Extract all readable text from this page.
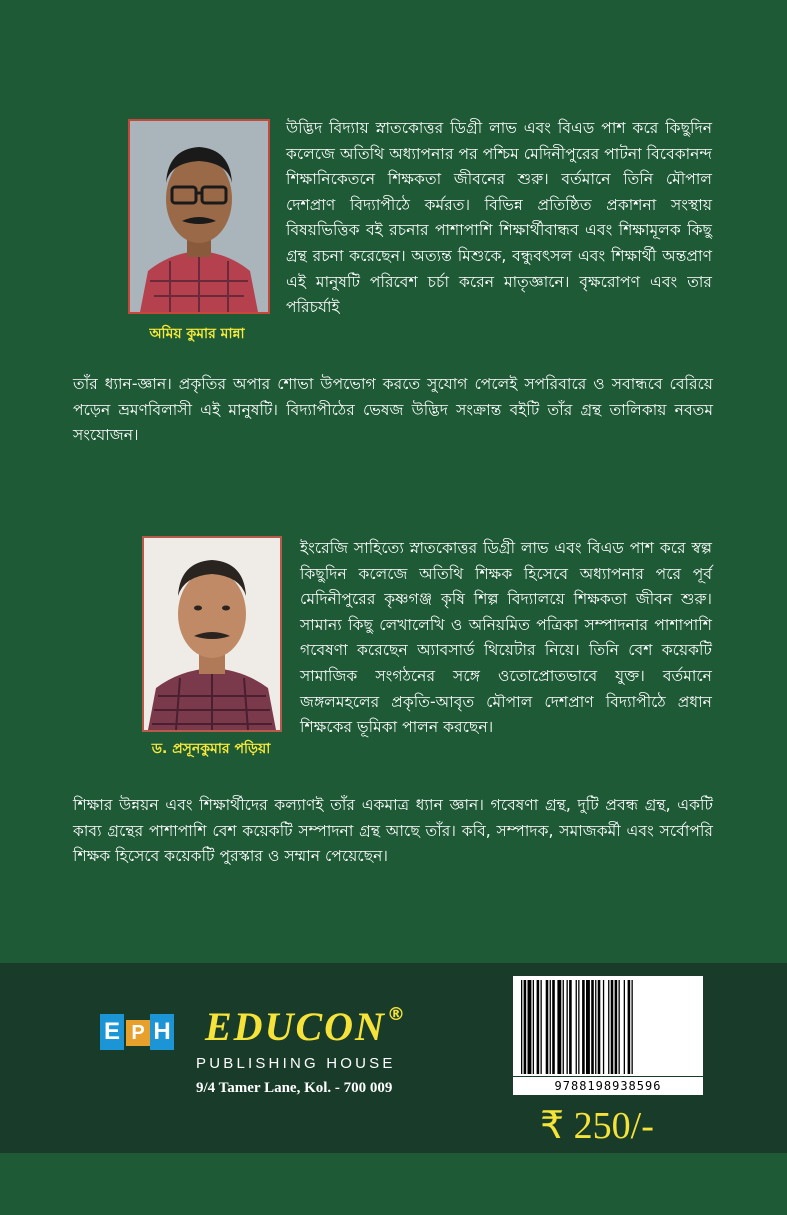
অমিয় কুমার মান্না

উদ্ভিদ বিদ্যায় স্নাতকোত্তর ডিগ্রী লাভ এবং বিএড পাশ করে কিছুদিন কলেজে অতিথি অধ্যাপনার পর পশ্চিম মেদিনীপুরের পাটনা বিবেকানন্দ শিক্ষানিকেতনে শিক্ষকতা জীবনের শুরু। বর্তমানে তিনি মৌপাল দেশপ্রাণ বিদ্যাপীঠে কর্মরত। বিভিন্ন প্রতিষ্ঠিত প্রকাশনা সংস্থায় বিষয়ভিত্তিক বই রচনার পাশাপাশি শিক্ষার্থীবান্ধব এবং শিক্ষামূলক কিছু গ্রন্থ রচনা করেছেন। অত্যন্ত মিশুকে, বন্ধুবৎসল এবং শিক্ষার্থী অন্তপ্রাণ এই মানুষটি পরিবেশ চর্চা করেন মাতৃজ্ঞানে। বৃক্ষরোপণ এবং তার পরিচর্যাই

তাঁর ধ্যান-জ্ঞান। প্রকৃতির অপার শোভা উপভোগ করতে সুযোগ পেলেই সপরিবারে ও সবান্ধবে বেরিয়ে পড়েন ভ্রমণবিলাসী এই মানুষটি। বিদ্যাপীঠের ভেষজ উদ্ভিদ সংক্রান্ত বইটি তাঁর গ্রন্থ তালিকায় নবতম সংযোজন।

ড. প্রসূনকুমার পড়িয়া

ইংরেজি সাহিত্যে স্নাতকোত্তর ডিগ্রী লাভ এবং বিএড পাশ করে স্বল্প কিছুদিন কলেজে অতিথি শিক্ষক হিসেবে অধ্যাপনার পরে পূর্ব মেদিনীপুরের কৃষ্ণগঞ্জ কৃষি শিল্প বিদ্যালয়ে শিক্ষকতা জীবন শুরু। সামান্য কিছু লেখালেখি ও অনিয়মিত পত্রিকা সম্পাদনার পাশাপাশি গবেষণা করেছেন অ্যাবসার্ড থিয়েটার নিয়ে। তিনি বেশ কয়েকটি সামাজিক সংগঠনের সঙ্গে ওতোপ্রোতভাবে যুক্ত। বর্তমানে জঙ্গলমহলের প্রকৃতি-আবৃত মৌপাল দেশপ্রাণ বিদ্যাপীঠে প্রধান শিক্ষকের ভূমিকা পালন করছেন।

শিক্ষার উন্নয়ন এবং শিক্ষার্থীদের কল্যাণই তাঁর একমাত্র ধ্যান জ্ঞান। গবেষণা গ্রন্থ, দুটি প্রবন্ধ গ্রন্থ, একটি কাব্য গ্রন্থের পাশাপাশি বেশ কয়েকটি সম্পাদনা গ্রন্থ আছে তাঁর। কবি, সম্পাদক, সমাজকর্মী এবং সর্বোপরি শিক্ষক হিসেবে কয়েকটি পুরস্কার ও সম্মান পেয়েছেন।

E P H EDUCON ®
PUBLISHING HOUSE
9/4 Tamer Lane, Kol. - 700 009	9788198938596
₹ 250/-
